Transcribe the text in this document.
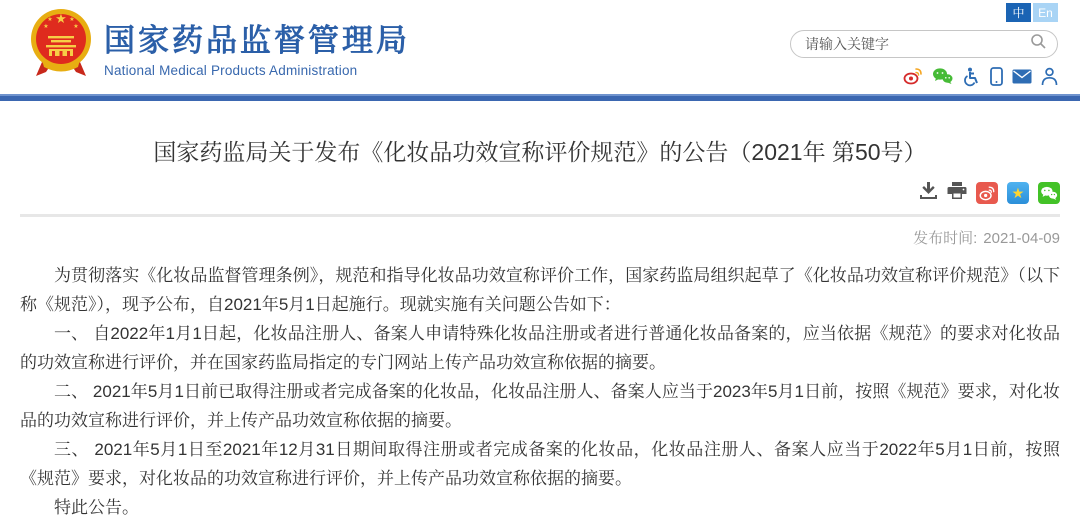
★
★	★
★	★ 国家药品监督管理局
National Medical Products Administration
中	En
请输入关键字
国家药监局关于发布《化妆品功效宣称评价规范》的公告（2021年 第50号）
★
发布时间: 2021-04-09

为贯彻落实《化妆品监督管理条例》，规范和指导化妆品功效宣称评价工作，国家药监局组织起草了《化妆品功效宣称评价规范》（以下称《规范》），现予公布，自2021年5月1日起施行。现就实施有关问题公告如下：

一、 自2022年1月1日起，化妆品注册人、备案人申请特殊化妆品注册或者进行普通化妆品备案的，应当依据《规范》的要求对化妆品的功效宣称进行评价，并在国家药监局指定的专门网站上传产品功效宣称依据的摘要。

二、 2021年5月1日前已取得注册或者完成备案的化妆品，化妆品注册人、备案人应当于2023年5月1日前，按照《规范》要求，对化妆品的功效宣称进行评价，并上传产品功效宣称依据的摘要。

三、 2021年5月1日至2021年12月31日期间取得注册或者完成备案的化妆品，化妆品注册人、备案人应当于2022年5月1日前，按照《规范》要求，对化妆品的功效宣称进行评价，并上传产品功效宣称依据的摘要。

特此公告。
